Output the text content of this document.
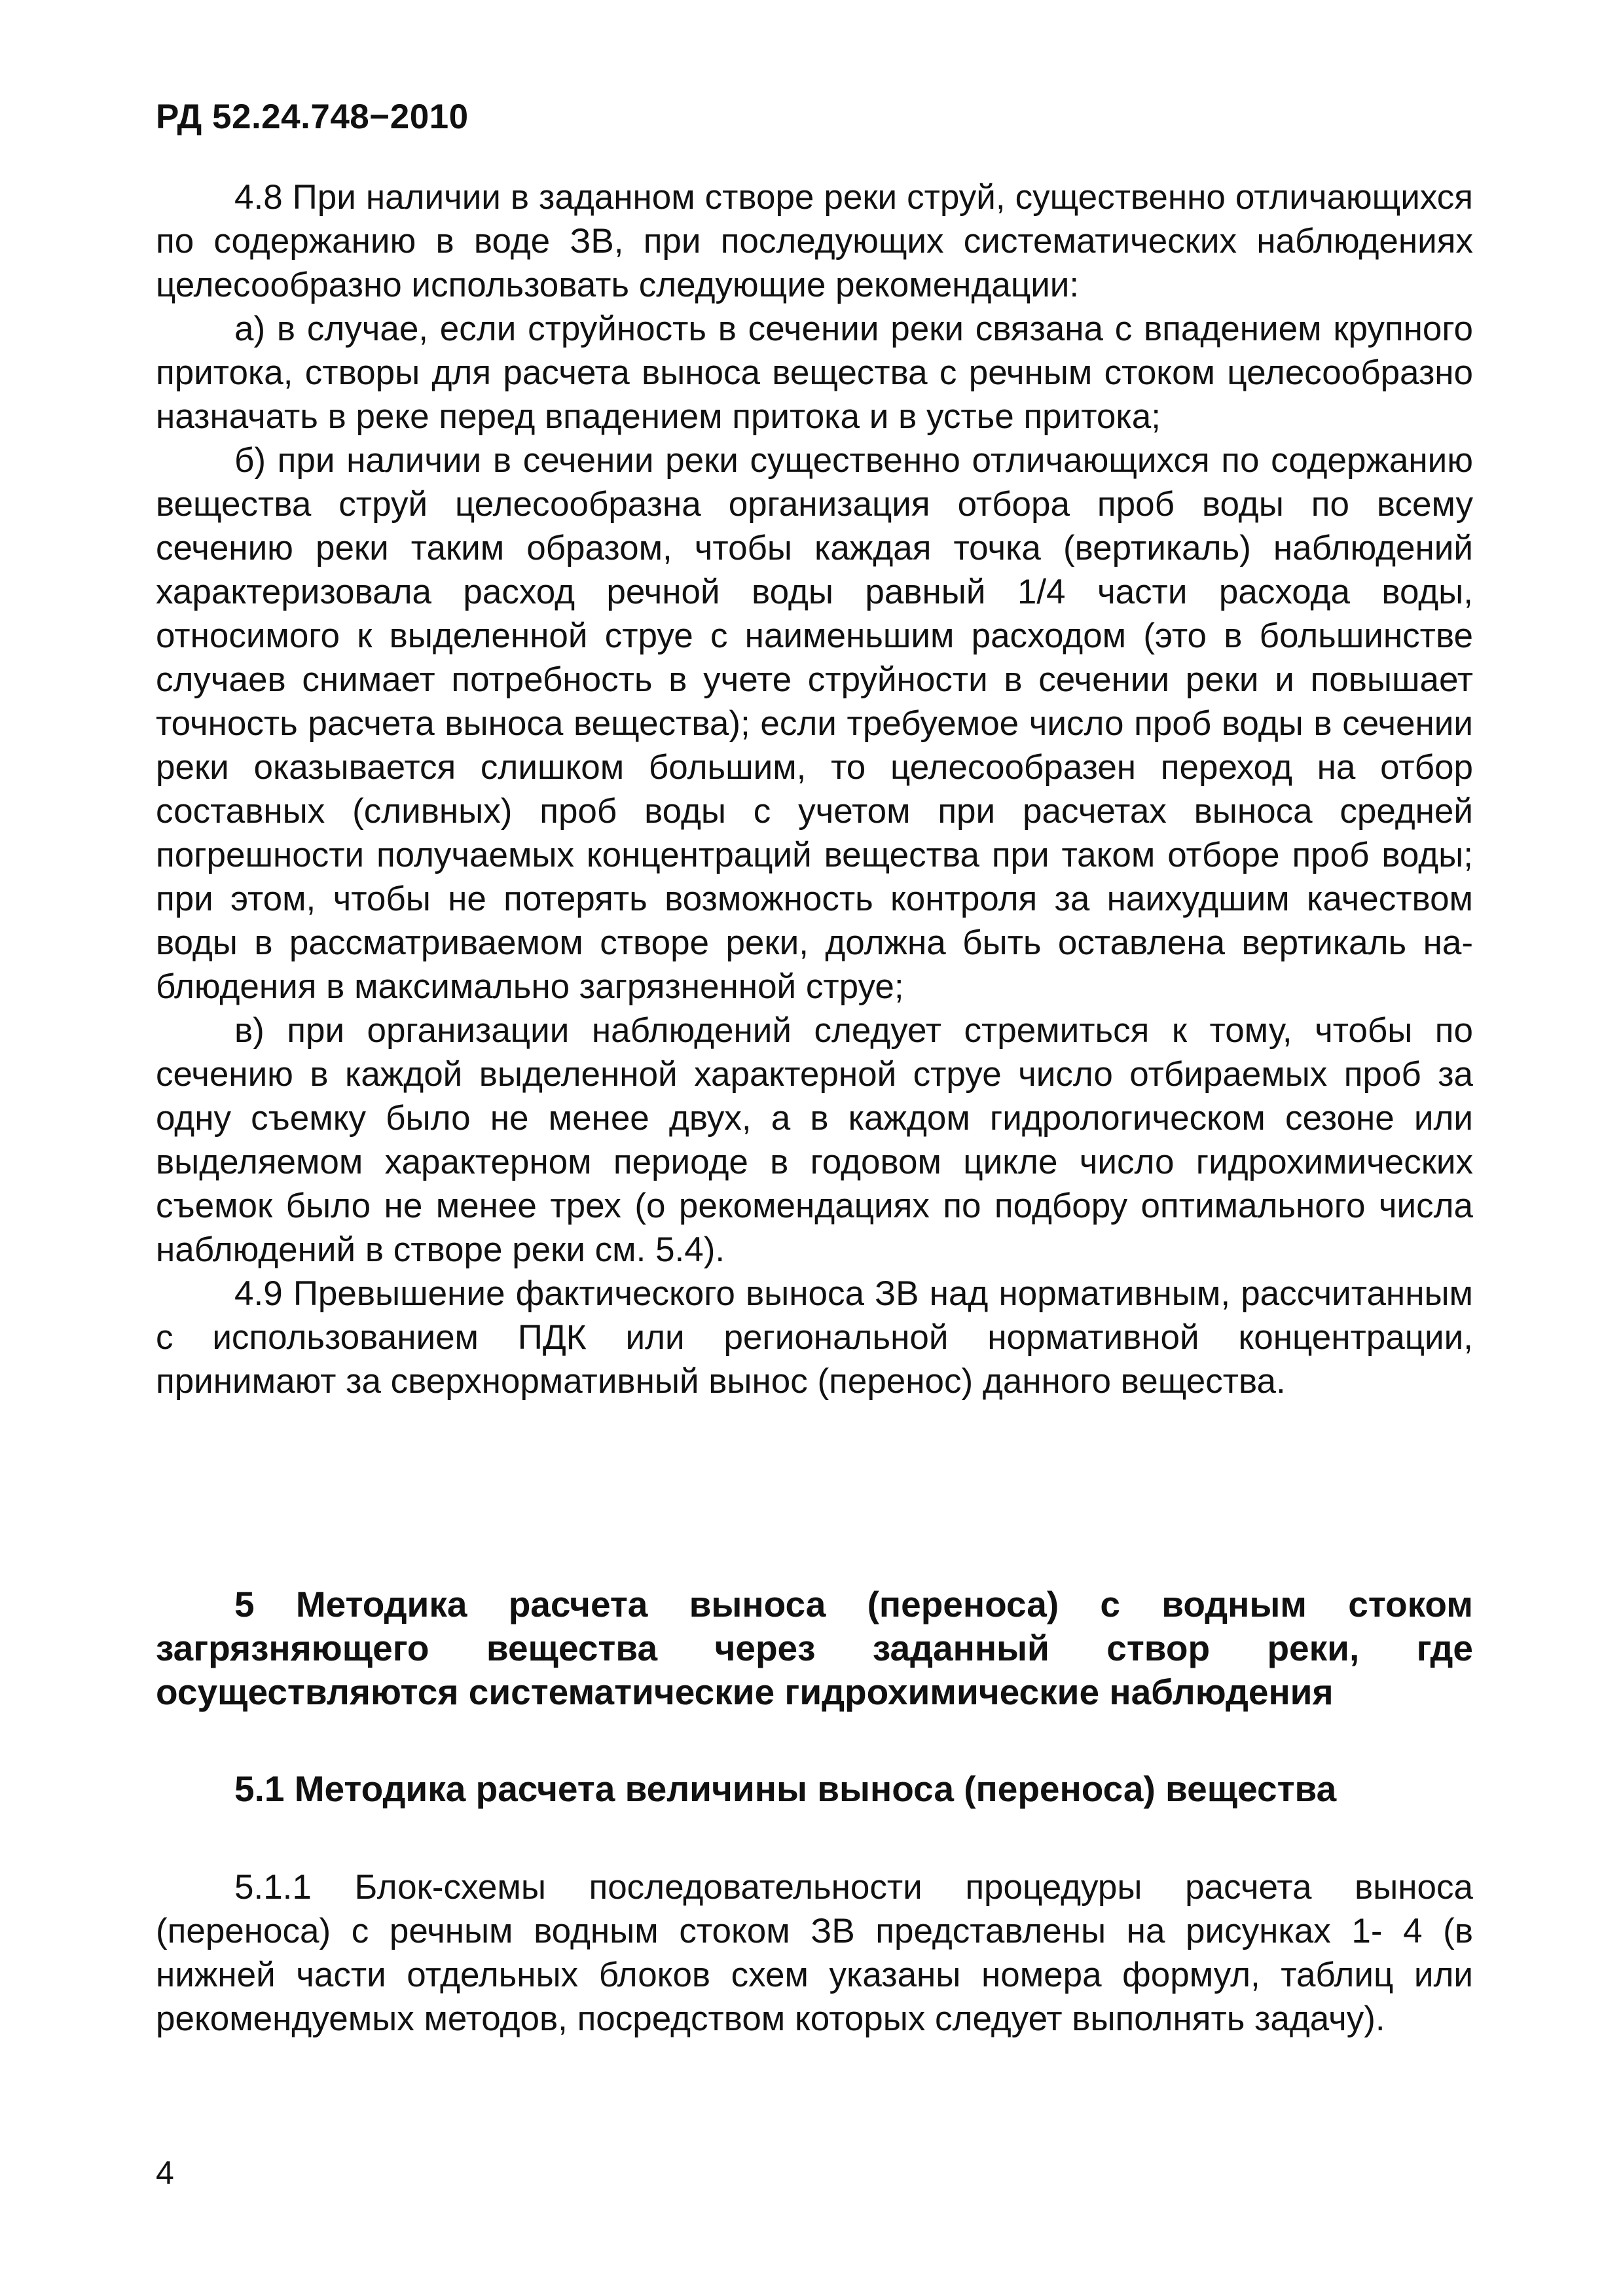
РД 52.24.748−2010

4.8 При наличии в заданном створе реки струй, существенно отличающихся по содержанию в воде ЗВ, при последующих систематических наблюдениях целесообразно использовать следующие рекомендации:

а) в случае, если струйность в сечении реки связана с впадением крупного притока, створы для расчета выноса вещества с речным стоком целесообразно назначать в реке перед впадением притока и в устье притока;

б) при наличии в сечении реки существенно отличающихся по содержанию вещества струй целесообразна организация отбора проб воды по всему сечению реки таким образом, чтобы каждая точка (вертикаль) наблюдений характеризовала расход речной воды равный 1/4 части расхода воды, относимого к выделенной струе с наименьшим расходом (это в большинстве случаев снимает потребность в учете струйности в сечении реки и повышает точность расчета выноса вещества); если требуемое число проб воды в сечении реки оказывается слишком большим, то целесообразен переход на отбор составных (сливных) проб воды с учетом при расчетах выноса средней погрешности получаемых концентраций вещества при таком отборе проб воды; при этом, чтобы не потерять возможность контроля за наихудшим качеством воды в рассматриваемом створе реки, должна быть оставлена вертикаль наблюдения в максимально загрязненной струе;

в) при организации наблюдений следует стремиться к тому, чтобы по сечению в каждой выделенной характерной струе число отбираемых проб за одну съемку было не менее двух, а в каждом гидрологическом сезоне или выделяемом характерном периоде в годовом цикле число гидрохимических съемок было не менее трех (о рекомендациях по подбору оптимального числа наблюдений в створе реки см. 5.4).

4.9 Превышение фактического выноса ЗВ над нормативным, рассчитанным с использованием ПДК или региональной нормативной концентрации, принимают за сверхнормативный вынос (перенос) данного вещества.

5 Методика расчета выноса (переноса) с водным стоком загрязняющего вещества через заданный створ реки, где осуществляются систематические гидрохимические наблюдения
5.1 Методика расчета величины выноса (переноса) вещества

5.1.1 Блок-схемы последовательности процедуры расчета выноса (переноса) с речным водным стоком ЗВ представлены на рисунках 1- 4 (в нижней части отдельных блоков схем указаны номера формул, таблиц или рекомендуемых методов, посредством которых следует выполнять задачу).

4
